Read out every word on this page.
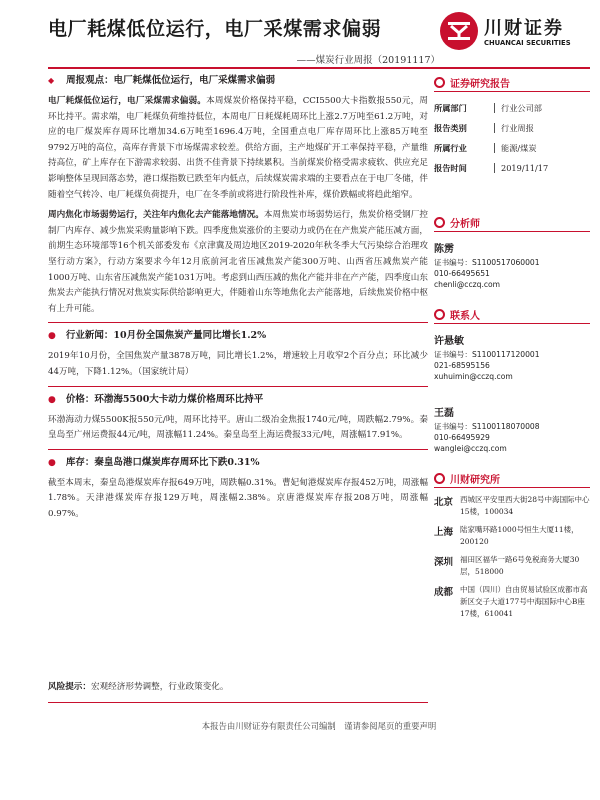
电厂耗煤低位运行，电厂采煤需求偏弱
——煤炭行业周报（20191117）
川财证券
CHUANCAI SECURITIES
◆ 周报观点：电厂耗煤低位运行，电厂采煤需求偏弱

电厂耗煤低位运行，电厂采煤需求偏弱。本周煤炭价格保持平稳，CCI5500大卡指数报550元，周环比持平。需求端，电厂耗煤负荷维持低位，本周电厂日耗煤耗周环比上涨2.7万吨至61.2万吨，对应的电厂煤炭库存周环比增加34.6万吨至1696.4万吨，全国重点电厂库存周环比上涨85万吨至9792万吨的高位，高库存背景下市场煤需求较差。供给方面，主产地煤矿开工率保持平稳，产量维持高位，矿上库存在下游需求较弱、出货不佳背景下持续累积。当前煤炭价格受需求疲软、供应充足影响整体呈现回落态势，港口煤指数已跌至年内低点，后续煤炭需求端的主要看点在于电厂冬储，伴随着空气转冷、电厂耗煤负荷提升，电厂在冬季前或将进行阶段性补库，煤价跌幅或将趋此缩窄。

周内焦化市场弱势运行，关注年内焦化去产能落地情况。本周焦炭市场弱势运行，焦炭价格受钢厂控制厂内库存、减少焦炭采购量影响下跌。四季度焦炭涨价的主要动力或仍在在产焦炭产能压减方面，前期生态环境部等16个机关部委发布《京津冀及周边地区2019-2020年秋冬季大气污染综合治理攻坚行动方案》，行动方案要求今年12月底前河北省压减焦炭产能300万吨、山西省压减焦炭产能1000万吨、山东省压减焦炭产能1031万吨。考虑到山西压减的焦化产能并非在产产能，四季度山东焦炭去产能执行情况对焦炭实际供给影响更大，伴随着山东等地焦化去产能落地，后续焦炭价格中枢有上升可能。

● 行业新闻：10月份全国焦炭产量同比增长1.2%

2019年10月份，全国焦炭产量3878万吨，同比增长1.2%，增速较上月收窄2个百分点；环比减少44万吨，下降1.12%。（国家统计局）

● 价格：环渤海5500大卡动力煤价格周环比持平

环渤海动力煤5500K报550元/吨，周环比持平。唐山二级冶金焦报1740元/吨，周跌幅2.79%。秦皇岛至广州运费报44元/吨，周涨幅11.24%。秦皇岛至上海运费报33元/吨，周涨幅17.91%。

● 库存：秦皇岛港口煤炭库存周环比下跌0.31%

截至本周末，秦皇岛港煤炭库存报649万吨，周跌幅0.31%。曹妃甸港煤炭库存报452万吨，周涨幅1.78%。天津港煤炭库存报129万吨，周涨幅2.38%。京唐港煤炭库存报208万吨，周涨幅0.97%。

风险提示：宏观经济形势调整，行业政策变化。
证券研究报告
所属部门	行业公司部
报告类别	行业周报
所属行业	能源/煤炭
报告时间	2019/11/17
分析师
陈雳
证书编号：S1100517060001
010-66495651
chenli@cczq.com
联系人
许悬敏
证书编号：S1100117120001
021-68595156
xuhuimin@cczq.com
王磊
证书编号：S1100118070008
010-66495929
wanglei@cczq.com
川财研究所
北京 西城区平安里西大街28号中海国际中心15楼，100034
上海 陆家嘴环路1000号恒生大厦11楼，200120
深圳 福田区福华一路6号免税商务大厦30层，518000
成都 中国（四川）自由贸易试验区成都市高新区交子大道177号中海国际中心B座17楼，610041
本报告由川财证券有限责任公司编制　谨请参阅尾页的重要声明
